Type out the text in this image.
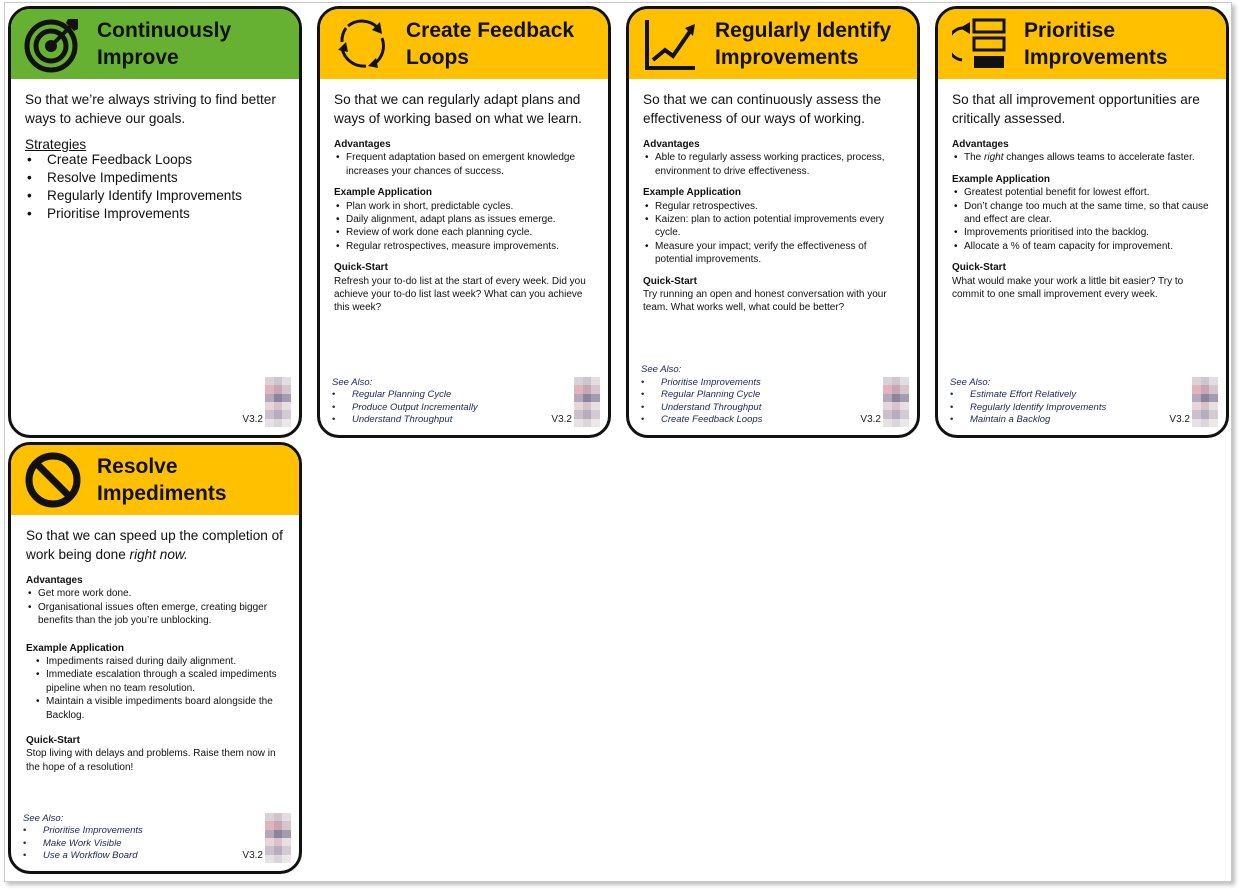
Continuously
Improve
So that we’re always striving to find better ways to achieve our goals.
Strategies
• Create Feedback Loops
• Resolve Impediments
• Regularly Identify Improvements
• Prioritise Improvements
V3.2
Create Feedback
Loops
So that we can regularly adapt plans and ways of working based on what we learn.
Advantages
• Frequent adaptation based on emergent knowledge increases your chances of success.
Example Application
• Plan work in short, predictable cycles.
• Daily alignment, adapt plans as issues emerge.
• Review of work done each planning cycle.
• Regular retrospectives, measure improvements.
Quick-Start
Refresh your to-do list at the start of every week. Did you achieve your to-do list last week? What can you achieve this week?
See Also:
• Regular Planning Cycle
• Produce Output Incrementally
• Understand Throughput	V3.2
Regularly Identify
Improvements
So that we can continuously assess the effectiveness of our ways of working.
Advantages
• Able to regularly assess working practices, process, environment to drive effectiveness.
Example Application
• Regular retrospectives.
• Kaizen: plan to action potential improvements every cycle.
• Measure your impact; verify the effectiveness of potential improvements.
Quick-Start
Try running an open and honest conversation with your team. What works well, what could be better?
See Also:
• Prioritise Improvements
• Regular Planning Cycle
• Understand Throughput
• Create Feedback Loops	V3.2
Prioritise
Improvements
So that all improvement opportunities are critically assessed.
Advantages
• The right changes allows teams to accelerate faster.
Example Application
• Greatest potential benefit for lowest effort.
• Don’t change too much at the same time, so that cause and effect are clear.
• Improvements prioritised into the backlog.
• Allocate a % of team capacity for improvement.
Quick-Start
What would make your work a little bit easier? Try to commit to one small improvement every week.
See Also:
• Estimate Effort Relatively
• Regularly Identify Improvements
• Maintain a Backlog	V3.2
Resolve
Impediments
So that we can speed up the completion of work being done right now.
Advantages
• Get more work done.
• Organisational issues often emerge, creating bigger benefits than the job you’re unblocking.
Example Application
• Impediments raised during daily alignment.
• Immediate escalation through a scaled impediments pipeline when no team resolution.
• Maintain a visible impediments board alongside the Backlog.
Quick-Start
Stop living with delays and problems. Raise them now in the hope of a resolution!
See Also:
• Prioritise Improvements
• Make Work Visible
• Use a Workflow Board	V3.2
